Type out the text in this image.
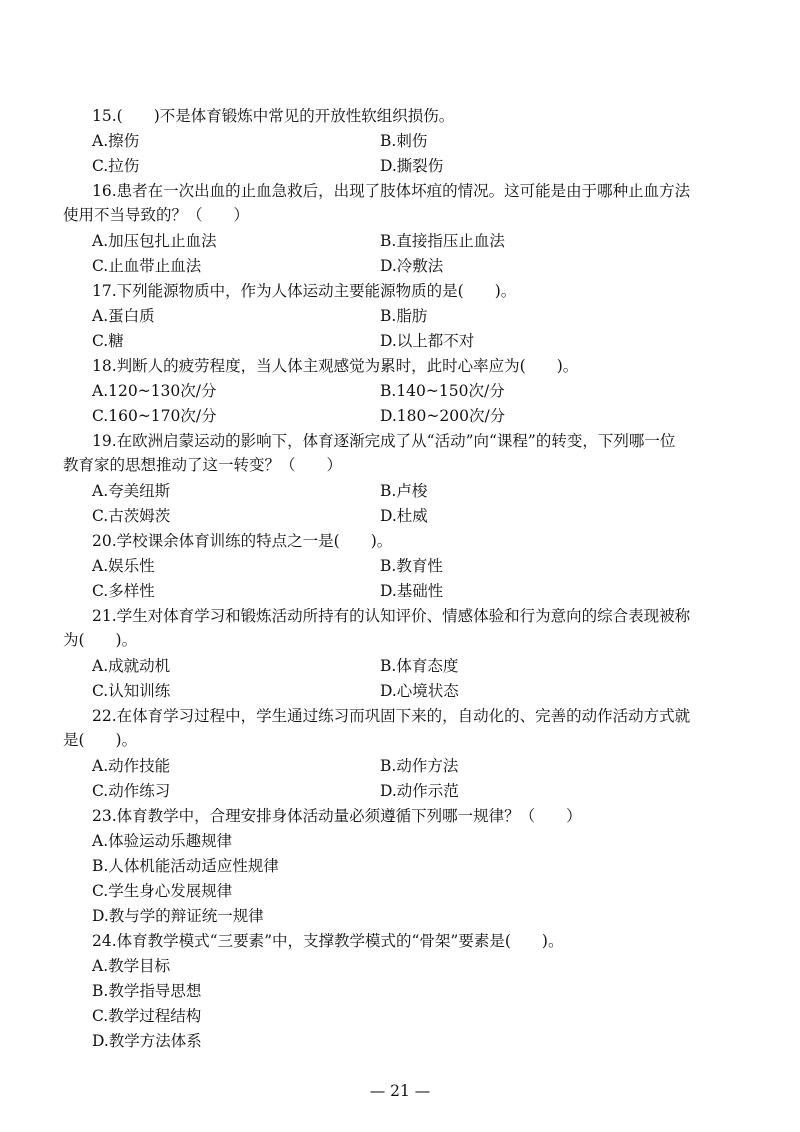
15.(　　)不是体育锻炼中常见的开放性软组织损伤。
A.擦伤	B.刺伤
C.拉伤	D.撕裂伤
16.患者在一次出血的止血急救后，出现了肢体坏疽的情况。这可能是由于哪种止血方法
使用不当导致的？（　　）
A.加压包扎止血法	B.直接指压止血法
C.止血带止血法	D.冷敷法
17.下列能源物质中，作为人体运动主要能源物质的是(　　)。
A.蛋白质	B.脂肪
C.糖	D.以上都不对
18.判断人的疲劳程度，当人体主观感觉为累时，此时心率应为(　　)。
A.120~130次/分	B.140~150次/分
C.160~170次/分	D.180~200次/分
19.在欧洲启蒙运动的影响下，体育逐渐完成了从“活动”向“课程”的转变，下列哪一位
教育家的思想推动了这一转变？（　　）
A.夸美纽斯	B.卢梭
C.古茨姆茨	D.杜威
20.学校课余体育训练的特点之一是(　　)。
A.娱乐性	B.教育性
C.多样性	D.基础性
21.学生对体育学习和锻炼活动所持有的认知评价、情感体验和行为意向的综合表现被称
为(　　)。
A.成就动机	B.体育态度
C.认知训练	D.心境状态
22.在体育学习过程中，学生通过练习而巩固下来的，自动化的、完善的动作活动方式就
是(　　)。
A.动作技能	B.动作方法
C.动作练习	D.动作示范
23.体育教学中，合理安排身体活动量必须遵循下列哪一规律？（　　）
A.体验运动乐趣规律
B.人体机能活动适应性规律
C.学生身心发展规律
D.教与学的辩证统一规律
24.体育教学模式“三要素”中，支撑教学模式的“骨架”要素是(　　)。
A.教学目标
B.教学指导思想
C.教学过程结构
D.教学方法体系
— 21 —
